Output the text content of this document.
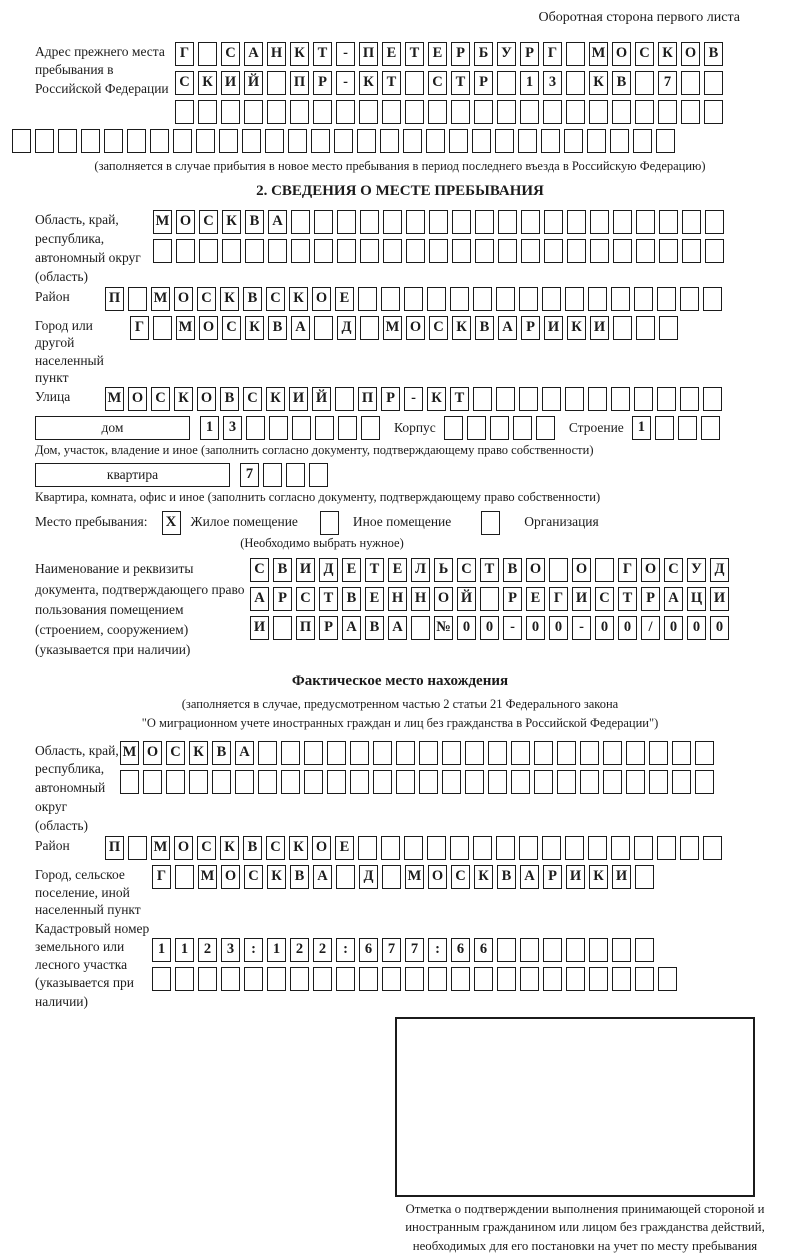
Оборотная сторона первого листа
Адрес прежнего места пребывания в Российской Федерации
Г	С А Н К Т	-	П Е Т Е Р Б У Р Г	М О С К О В
С К И Й П Р	-	К Т	С Т Р	1	3	К В	7
(заполняется в случае прибытия в новое место пребывания в период последнего въезда в Российскую Федерацию)
2. СВЕДЕНИЯ О МЕСТЕ ПРЕБЫВАНИЯ
Область, край, республика, автономный округ (область)
М О С К В А
Район	П М О С К В С К О Е
Город или другой населенный пункт
Г	М О С К В А	Д	М О С К В А Р И К И
Улица	М О С К О В С К И Й П Р	-	К Т
дом	1	3	Корпус	Строение 1
Дом, участок, владение и иное (заполнить согласно документу, подтверждающему право собственности)
квартира	7
Квартира, комната, офис и иное (заполнить согласно документу, подтверждающему право собственности)
Место пребывания: X	Жилое помещение	Иное помещение	Организация
(Необходимо выбрать нужное)
Наименование и реквизиты документа, подтверждающего право пользования помещением (строением, сооружением) (указывается при наличии)
С В И Д Е Т Е Л Ь С Т В О О	Г О С У Д
А Р С Т В Е Н Н О Й	Р Е Г И С Т Р А Ц И
И П Р А В А № 0	0	-	0	0	-	0	0	/	0	0	0
Фактическое место нахождения
(заполняется в случае, предусмотренном частью 2 статьи 21 Федерального закона
"О миграционном учете иностранных граждан и лиц без гражданства в Российской Федерации")
Область, край, республика, автономный округ (область)
М О С К В А
Район	П М О С К В С К О Е
Город, сельское поселение, иной населенный пункт
Г	М О С К В А	Д	М О С К В А Р И К И
Кадастровый номер земельного или лесного участка (указывается при наличии)
1	1	2	3	:	1	2	2	:	6	7	7	:	6	6
Отметка о подтверждении выполнения принимающей стороной и иностранным гражданином или лицом без гражданства действий, необходимых для его постановки на учет по месту пребывания
